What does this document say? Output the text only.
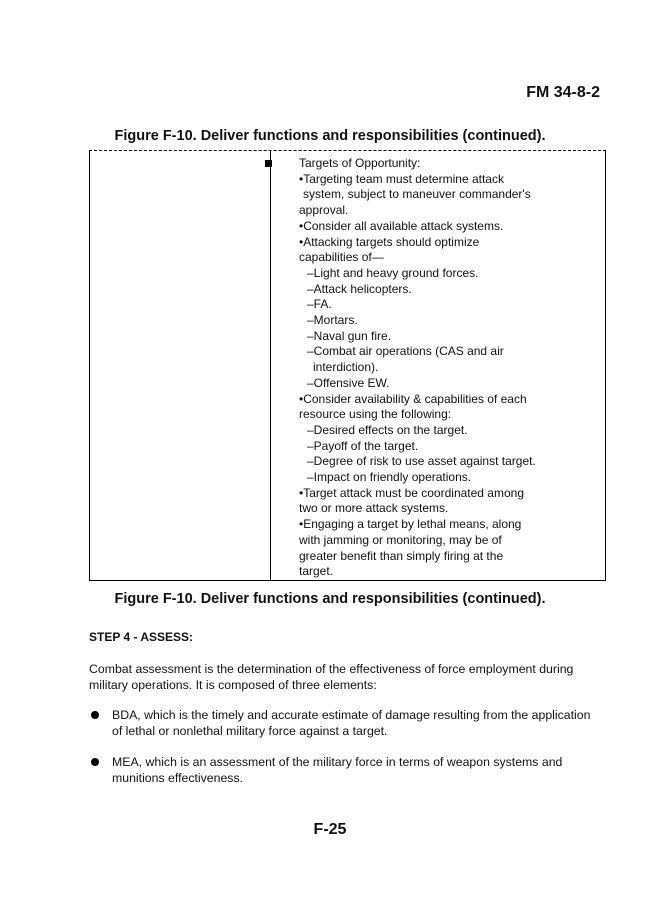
FM 34-8-2
Figure F-10. Deliver functions and responsibilities (continued).
Targets of Opportunity:
•Targeting team must determine attack
system, subject to maneuver commander's
approval.
•Consider all available attack systems.
•Attacking targets should optimize
capabilities of—
–Light and heavy ground forces.
–Attack helicopters.
–FA.
–Mortars.
–Naval gun fire.
–Combat air operations (CAS and air
interdiction).
–Offensive EW.
•Consider availability & capabilities of each
resource using the following:
–Desired effects on the target.
–Payoff of the target.
–Degree of risk to use asset against target.
–Impact on friendly operations.
•Target attack must be coordinated among
two or more attack systems.
•Engaging a target by lethal means, along
with jamming or monitoring, may be of
greater benefit than simply firing at the
target.
Figure F-10. Deliver functions and responsibilities (continued).
STEP 4 - ASSESS:
Combat assessment is the determination of the effectiveness of force employment during military operations. It is composed of three elements:
BDA, which is the timely and accurate estimate of damage resulting from the application of lethal or nonlethal military force against a target.
MEA, which is an assessment of the military force in terms of weapon systems and munitions effectiveness.
F-25
